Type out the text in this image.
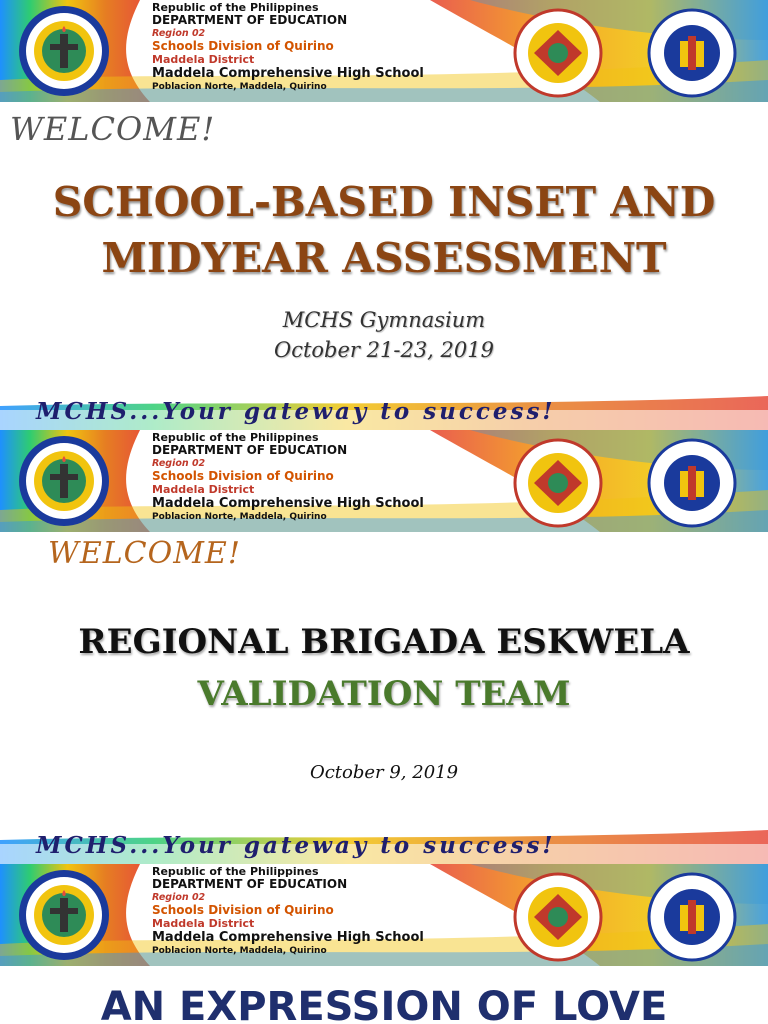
Republic of the Philippines
DEPARTMENT OF EDUCATION
Region 02
Schools Division of Quirino
Maddela District
Maddela Comprehensive High School
Poblacion Norte, Maddela, Quirino
WELCOME!
SCHOOL-BASED INSET AND
MIDYEAR ASSESSMENT
MCHS Gymnasium
October 21-23, 2019
MCHS...Your gateway to success!
Republic of the Philippines
DEPARTMENT OF EDUCATION
Region 02
Schools Division of Quirino
Maddela District
Maddela Comprehensive High School
Poblacion Norte, Maddela, Quirino
WELCOME!
REGIONAL BRIGADA ESKWELA
VALIDATION TEAM
October 9, 2019
MCHS...Your gateway to success!
Republic of the Philippines
DEPARTMENT OF EDUCATION
Region 02
Schools Division of Quirino
Maddela District
Maddela Comprehensive High School
Poblacion Norte, Maddela, Quirino
AN EXPRESSION OF LOVE
